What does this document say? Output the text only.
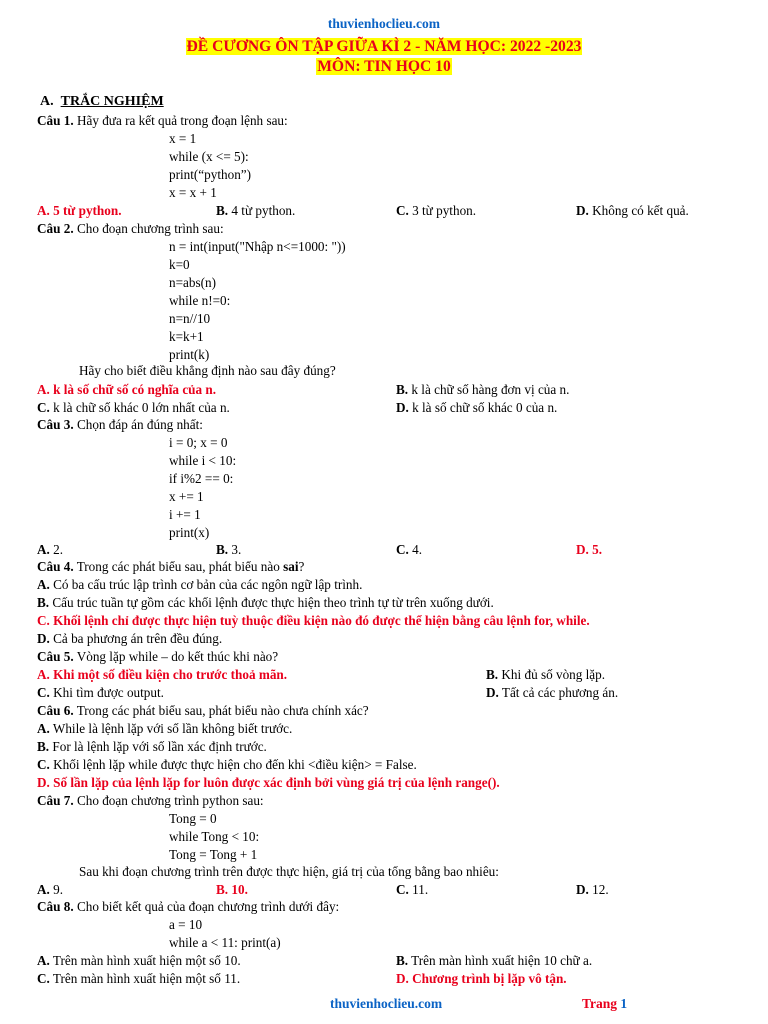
thuvienhoclieu.com
ĐỀ CƯƠNG ÔN TẬP GIỮA KÌ 2 - NĂM HỌC: 2022 -2023
MÔN: TIN HỌC 10
A. TRẮC NGHIỆM
Câu 1. Hãy đưa ra kết quả trong đoạn lệnh sau:
x = 1
while (x <= 5):
print(“python”)
x = x + 1
A. 5 từ python.	B. 4 từ python.	C. 3 từ python.	D. Không có kết quả.
Câu 2. Cho đoạn chương trình sau:
n = int(input("Nhập n<=1000: "))
k=0
n=abs(n)
while n!=0:
n=n//10
k=k+1
print(k)
Hãy cho biết điều khẳng định nào sau đây đúng?
A. k là số chữ số có nghĩa của n.	B. k là chữ số hàng đơn vị của n.
C. k là chữ số khác 0 lớn nhất của n.	D. k là số chữ số khác 0 của n.
Câu 3. Chọn đáp án đúng nhất:
i = 0; x = 0
while i < 10:
if i%2 == 0:
x += 1
i += 1
print(x)
A. 2.	B. 3.	C. 4.	D. 5.
Câu 4. Trong các phát biểu sau, phát biểu nào sai?
A. Có ba cấu trúc lập trình cơ bản của các ngôn ngữ lập trình.
B. Cấu trúc tuần tự gồm các khối lệnh được thực hiện theo trình tự từ trên xuống dưới.
C. Khối lệnh chỉ được thực hiện tuỳ thuộc điều kiện nào đó được thể hiện bằng câu lệnh for, while.
D. Cả ba phương án trên đều đúng.
Câu 5. Vòng lặp while – do kết thúc khi nào?
A. Khi một số điều kiện cho trước thoả mãn.	B. Khi đủ số vòng lặp.
C. Khi tìm được output.	D. Tất cả các phương án.
Câu 6. Trong các phát biểu sau, phát biểu nào chưa chính xác?
A. While là lệnh lặp với số lần không biết trước.
B. For là lệnh lặp với số lần xác định trước.
C. Khối lệnh lặp while được thực hiện cho đến khi <điều kiện> = False.
D. Số lần lặp của lệnh lặp for luôn được xác định bởi vùng giá trị của lệnh range().
Câu 7. Cho đoạn chương trình python sau:
Tong = 0
while Tong < 10:
Tong = Tong + 1
Sau khi đoạn chương trình trên được thực hiện, giá trị của tổng bằng bao nhiêu:
A. 9.	B. 10.	C. 11.	D. 12.
Câu 8. Cho biết kết quả của đoạn chương trình dưới đây:
a = 10
while a < 11: print(a)
A. Trên màn hình xuất hiện một số 10.	B. Trên màn hình xuất hiện 10 chữ a.
C. Trên màn hình xuất hiện một số 11.	D. Chương trình bị lặp vô tận.
thuvienhoclieu.com	Trang 1
